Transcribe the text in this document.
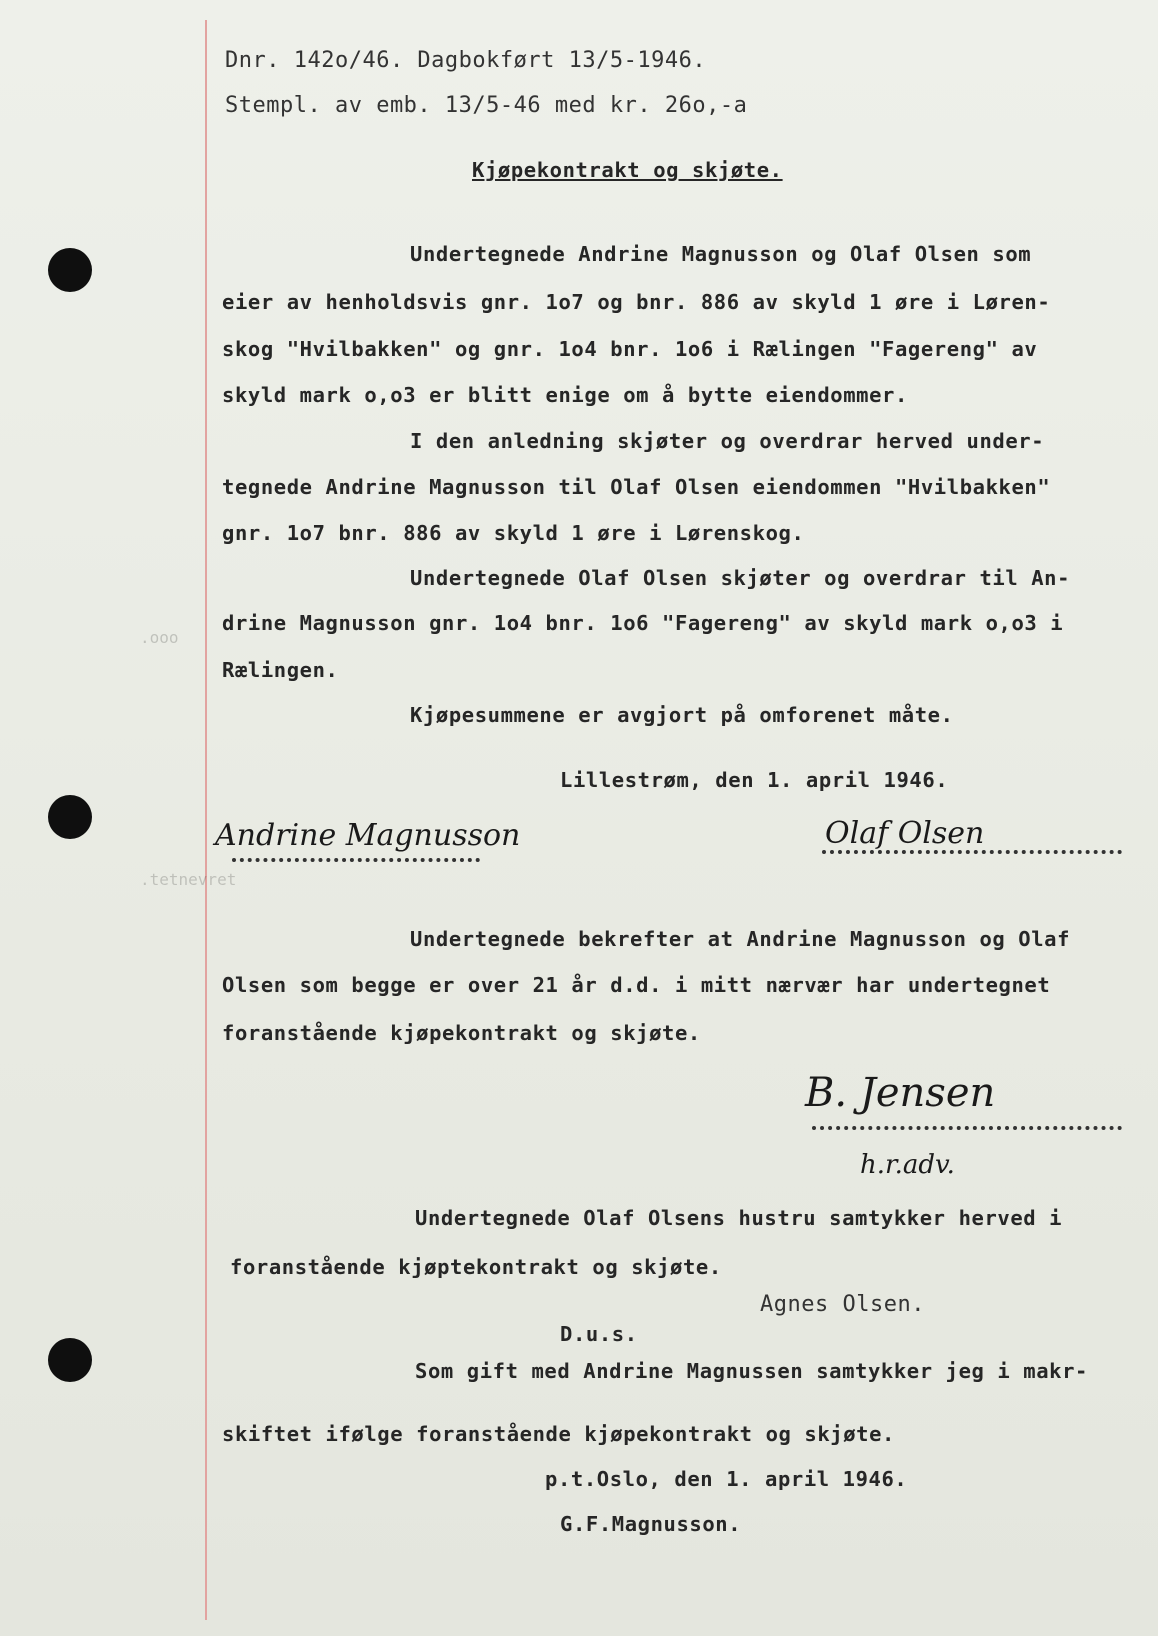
.ooo
.tetnevret
Dnr. 142o/46. Dagbokført 13/5-1946.
Stempl. av emb. 13/5-46 med kr. 26o,-a
Kjøpekontrakt og skjøte.
Undertegnede Andrine Magnusson og Olaf Olsen som
eier av henholdsvis gnr. 1o7 og bnr. 886 av skyld 1 øre i Løren-
skog "Hvilbakken" og gnr. 1o4 bnr. 1o6 i Rælingen "Fagereng" av
skyld mark o,o3 er blitt enige om å bytte eiendommer.
I den anledning skjøter og overdrar herved under-
tegnede Andrine Magnusson til Olaf Olsen eiendommen "Hvilbakken"
gnr. 1o7 bnr. 886 av skyld 1 øre i Lørenskog.
Undertegnede Olaf Olsen skjøter og overdrar til An-
drine Magnusson gnr. 1o4 bnr. 1o6 "Fagereng" av skyld mark o,o3 i
Rælingen.
Kjøpesummene er avgjort på omforenet måte.
Lillestrøm, den 1. april 1946.
Andrine Magnusson	Olaf Olsen
Undertegnede bekrefter at Andrine Magnusson og Olaf
Olsen som begge er over 21 år d.d. i mitt nærvær har undertegnet
foranstående kjøpekontrakt og skjøte.
B. Jensen
h.r.adv.
Undertegnede Olaf Olsens hustru samtykker herved i
foranstående kjøptekontrakt og skjøte.
Agnes Olsen.
D.u.s.
Som gift med Andrine Magnussen samtykker jeg i makr-
skiftet ifølge foranstående kjøpekontrakt og skjøte.
p.t.Oslo, den 1. april 1946.
G.F.Magnusson.
